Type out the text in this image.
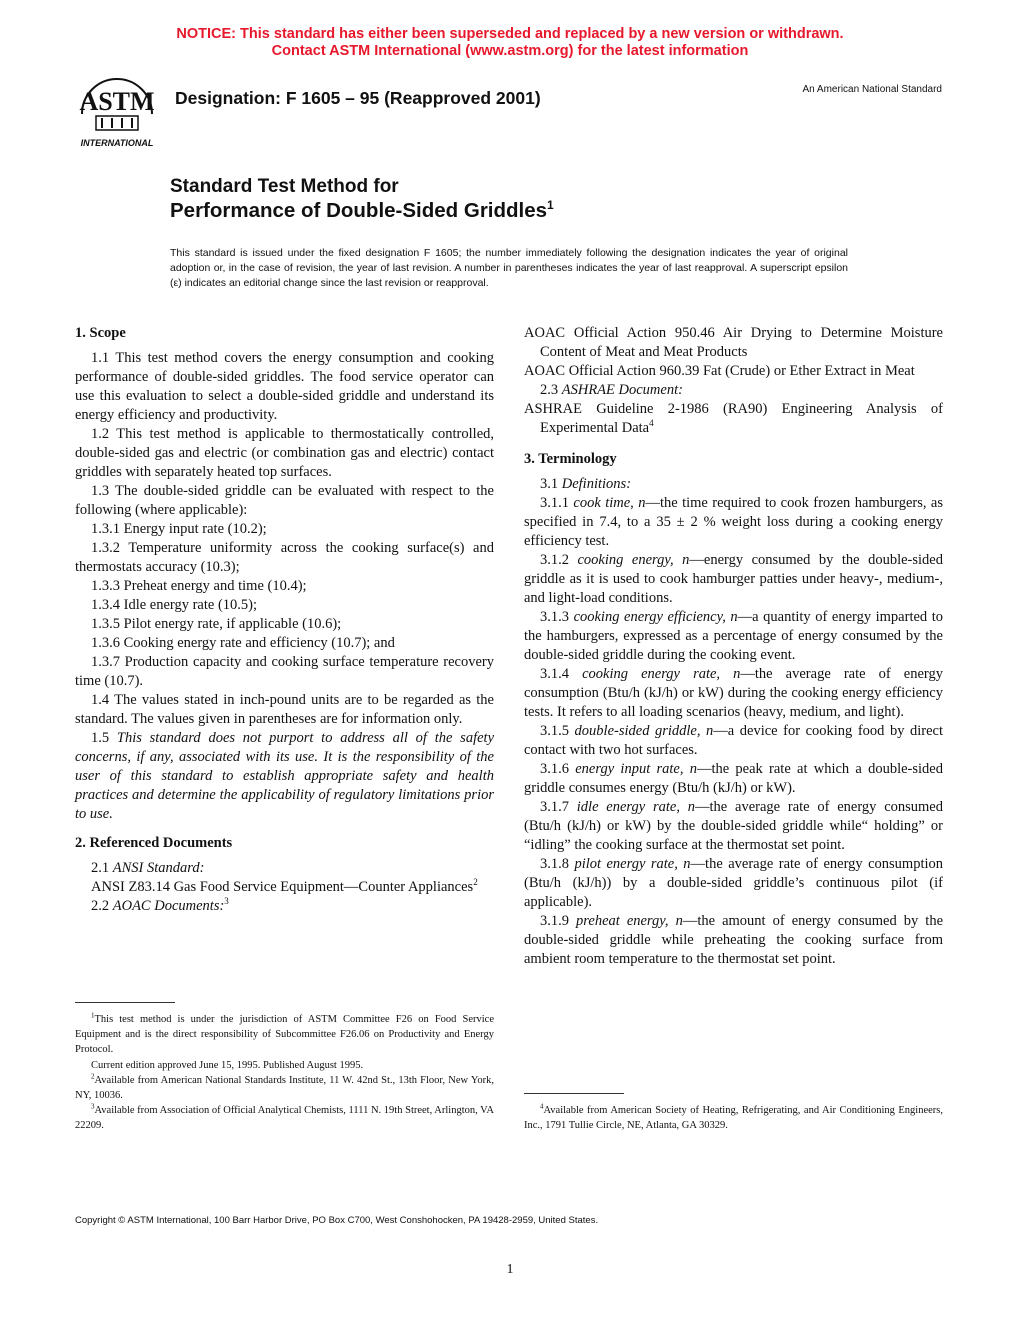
NOTICE: This standard has either been superseded and replaced by a new version or withdrawn.
Contact ASTM International (www.astm.org) for the latest information
ASTM
INTERNATIONAL
Designation: F 1605 – 95 (Reapproved 2001)	An American National Standard
Standard Test Method for
Performance of Double-Sided Griddles$^1$
This standard is issued under the fixed designation F 1605; the number immediately following the designation indicates the year of original adoption or, in the case of revision, the year of last revision. A number in parentheses indicates the year of last reapproval. A superscript epsilon (ε) indicates an editorial change since the last revision or reapproval.

1. Scope

1.1 This test method covers the energy consumption and cooking performance of double-sided griddles. The food service operator can use this evaluation to select a double-sided griddle and understand its energy efficiency and productivity.

1.2 This test method is applicable to thermostatically controlled, double-sided gas and electric (or combination gas and electric) contact griddles with separately heated top surfaces.

1.3 The double-sided griddle can be evaluated with respect to the following (where applicable):

1.3.1 Energy input rate (10.2);

1.3.2 Temperature uniformity across the cooking surface(s) and thermostats accuracy (10.3);

1.3.3 Preheat energy and time (10.4);

1.3.4 Idle energy rate (10.5);

1.3.5 Pilot energy rate, if applicable (10.6);

1.3.6 Cooking energy rate and efficiency (10.7); and

1.3.7 Production capacity and cooking surface temperature recovery time (10.7).

1.4 The values stated in inch-pound units are to be regarded as the standard. The values given in parentheses are for information only.

1.5 This standard does not purport to address all of the safety concerns, if any, associated with its use. It is the responsibility of the user of this standard to establish appropriate safety and health practices and determine the applicability of regulatory limitations prior to use.

2. Referenced Documents

2.1 ANSI Standard:

ANSI Z83.14 Gas Food Service Equipment—Counter Appliances$^2$

2.2 AOAC Documents:$^3$

$^1$This test method is under the jurisdiction of ASTM Committee F26 on Food Service Equipment and is the direct responsibility of Subcommittee F26.06 on Productivity and Energy Protocol.

Current edition approved June 15, 1995. Published August 1995.

$^2$Available from American National Standards Institute, 11 W. 42nd St., 13th Floor, New York, NY, 10036.

$^3$Available from Association of Official Analytical Chemists, 1111 N. 19th Street, Arlington, VA 22209.

AOAC Official Action 950.46 Air Drying to Determine Moisture Content of Meat and Meat Products

AOAC Official Action 960.39 Fat (Crude) or Ether Extract in Meat

2.3 ASHRAE Document:

ASHRAE Guideline 2-1986 (RA90) Engineering Analysis of Experimental Data$^4$

3. Terminology

3.1 Definitions:

3.1.1 cook time, n—the time required to cook frozen hamburgers, as specified in 7.4, to a 35 ± 2 % weight loss during a cooking energy efficiency test.

3.1.2 cooking energy, n—energy consumed by the double-sided griddle as it is used to cook hamburger patties under heavy-, medium-, and light-load conditions.

3.1.3 cooking energy efficiency, n—a quantity of energy imparted to the hamburgers, expressed as a percentage of energy consumed by the double-sided griddle during the cooking event.

3.1.4 cooking energy rate, n—the average rate of energy consumption (Btu/h (kJ/h) or kW) during the cooking energy efficiency tests. It refers to all loading scenarios (heavy, medium, and light).

3.1.5 double-sided griddle, n—a device for cooking food by direct contact with two hot surfaces.

3.1.6 energy input rate, n—the peak rate at which a double-sided griddle consumes energy (Btu/h (kJ/h) or kW).

3.1.7 idle energy rate, n—the average rate of energy consumed (Btu/h (kJ/h) or kW) by the double-sided griddle while“ holding” or “idling” the cooking surface at the thermostat set point.

3.1.8 pilot energy rate, n—the average rate of energy consumption (Btu/h (kJ/h)) by a double-sided griddle’s continuous pilot (if applicable).

3.1.9 preheat energy, n—the amount of energy consumed by the double-sided griddle while preheating the cooking surface from ambient room temperature to the thermostat set point.

$^4$Available from American Society of Heating, Refrigerating, and Air Conditioning Engineers, Inc., 1791 Tullie Circle, NE, Atlanta, GA 30329.

Copyright © ASTM International, 100 Barr Harbor Drive, PO Box C700, West Conshohocken, PA 19428-2959, United States.
1
